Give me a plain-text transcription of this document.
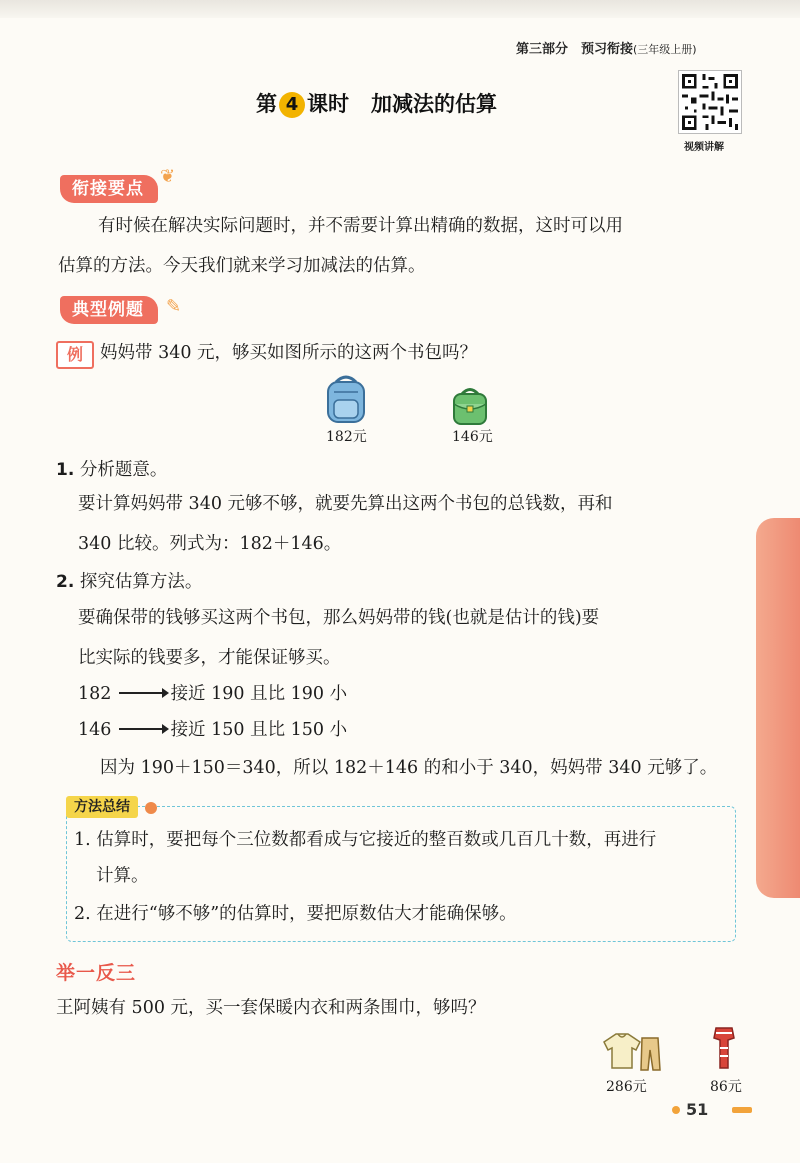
第三部分　预习衔接(三年级上册)
第 4 课时 加减法的估算
视频讲解
衔接要点
❦
有时候在解决实际问题时，并不需要计算出精确的数据，这时可以用
估算的方法。今天我们就来学习加减法的估算。
典型例题	✎
例 妈妈带 340 元，够买如图所示的这两个书包吗？
182元	146元
1. 分析题意。
要计算妈妈带 340 元够不够，就要先算出这两个书包的总钱数，再和
340 比较。列式为：182＋146。
2. 探究估算方法。
要确保带的钱够买这两个书包，那么妈妈带的钱(也就是估计的钱)要
比实际的钱要多，才能保证够买。
182	接近 190 且比 190 小
146	接近 150 且比 150 小
因为 190＋150＝340，所以 182＋146 的和小于 340，妈妈带 340 元够了。
方法总结
1. 估算时，要把每个三位数都看成与它接近的整百数或几百几十数，再进行
计算。
2. 在进行“够不够”的估算时，要把原数估大才能确保够。
举一反三
王阿姨有 500 元，买一套保暖内衣和两条围巾，够吗？
286元	86元
51
